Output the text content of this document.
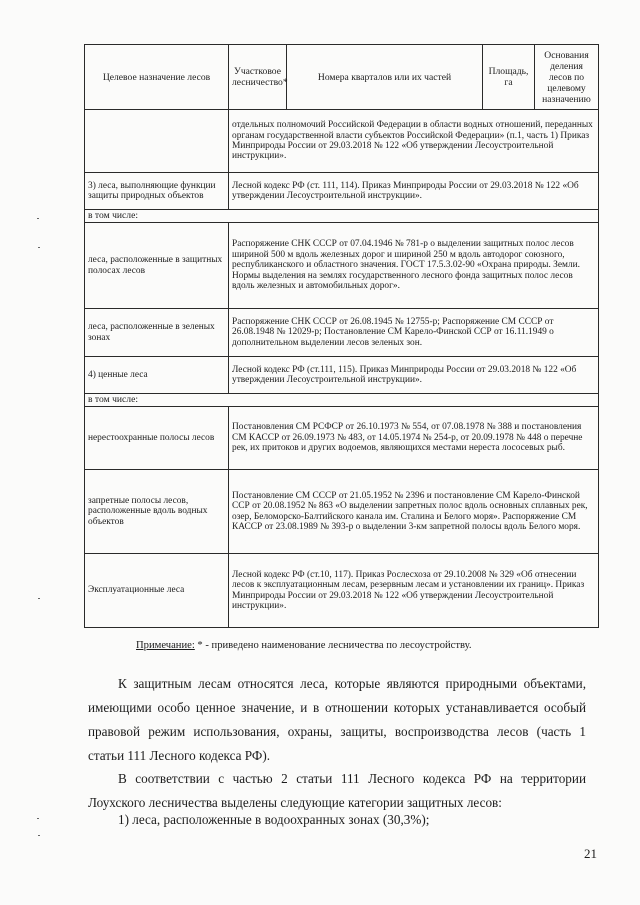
Целевое назначение лесов	Участковое лесничество*	Номера кварталов или их частей	Площадь, га	Основания деления лесов по целевому назначению
	отдельных полномочий Российской Федерации в области водных отношений, переданных органам государственной власти субъектов Российской Федерации» (п.1, часть 1) Приказ Минприроды России от 29.03.2018 № 122 «Об утверждении Лесоустроительной инструкции».			
3) леса, выполняющие функции защиты природных объектов	Лесной кодекс РФ (ст. 111, 114). Приказ Минприроды России от 29.03.2018 № 122 «Об утверждении Лесоустроительной инструкции».			
в том числе:				
леса, расположенные в защитных полосах лесов	Распоряжение СНК СССР от 07.04.1946 № 781-р о выделении защитных полос лесов шириной 500 м вдоль железных дорог и шириной 250 м вдоль автодорог союзного, республиканского и областного значения. ГОСТ 17.5.3.02-90 «Охрана природы. Земли. Нормы выделения на землях государственного лесного фонда защитных полос лесов вдоль железных и автомобильных дорог».			
леса, расположенные в зеленых зонах	Распоряжение СНК СССР от 26.08.1945 № 12755-р; Распоряжение СМ СССР от 26.08.1948 № 12029-р; Постановление СМ Карело-Финской ССР от 16.11.1949 о дополнительном выделении лесов зеленых зон.			
4) ценные леса	Лесной кодекс РФ (ст.111, 115). Приказ Минприроды России от 29.03.2018 № 122 «Об утверждении Лесоустроительной инструкции».			
в том числе:				
нерестоохранные полосы лесов	Постановления СМ РСФСР от 26.10.1973 № 554, от 07.08.1978 № 388 и постановления СМ КАССР от 26.09.1973 № 483, от 14.05.1974 № 254-р, от 20.09.1978 № 448 о перечне рек, их притоков и других водоемов, являющихся местами нереста лососевых рыб.			
запретные полосы лесов, расположенные вдоль водных объектов	Постановление СМ СССР от 21.05.1952 № 2396 и постановление СМ Карело-Финской ССР от 20.08.1952 № 863 «О выделении запретных полос вдоль основных сплавных рек, озер, Беломорско-Балтийского канала им. Сталина и Белого моря». Распоряжение СМ КАССР от 23.08.1989 № 393-р о выделении 3-км запретной полосы вдоль Белого моря.			
Эксплуатационные леса	Лесной кодекс РФ (ст.10, 117). Приказ Рослесхоза от 29.10.2008 № 329 «Об отнесении лесов к эксплуатационным лесам, резервным лесам и установлении их границ». Приказ Минприроды России от 29.03.2018 № 122 «Об утверждении Лесоустроительной инструкции».			
Примечание: * - приведено наименование лесничества по лесоустройству.
К защитным лесам относятся леса, которые являются природными объектами, имеющими особо ценное значение, и в отношении которых устанавливается особый правовой режим использования, охраны, защиты, воспроизводства лесов (часть 1 статьи 111 Лесного кодекса РФ).
В соответствии с частью 2 статьи 111 Лесного кодекса РФ на территории Лоухского лесничества выделены следующие категории защитных лесов:
1) леса, расположенные в водоохранных зонах (30,3%);
21
